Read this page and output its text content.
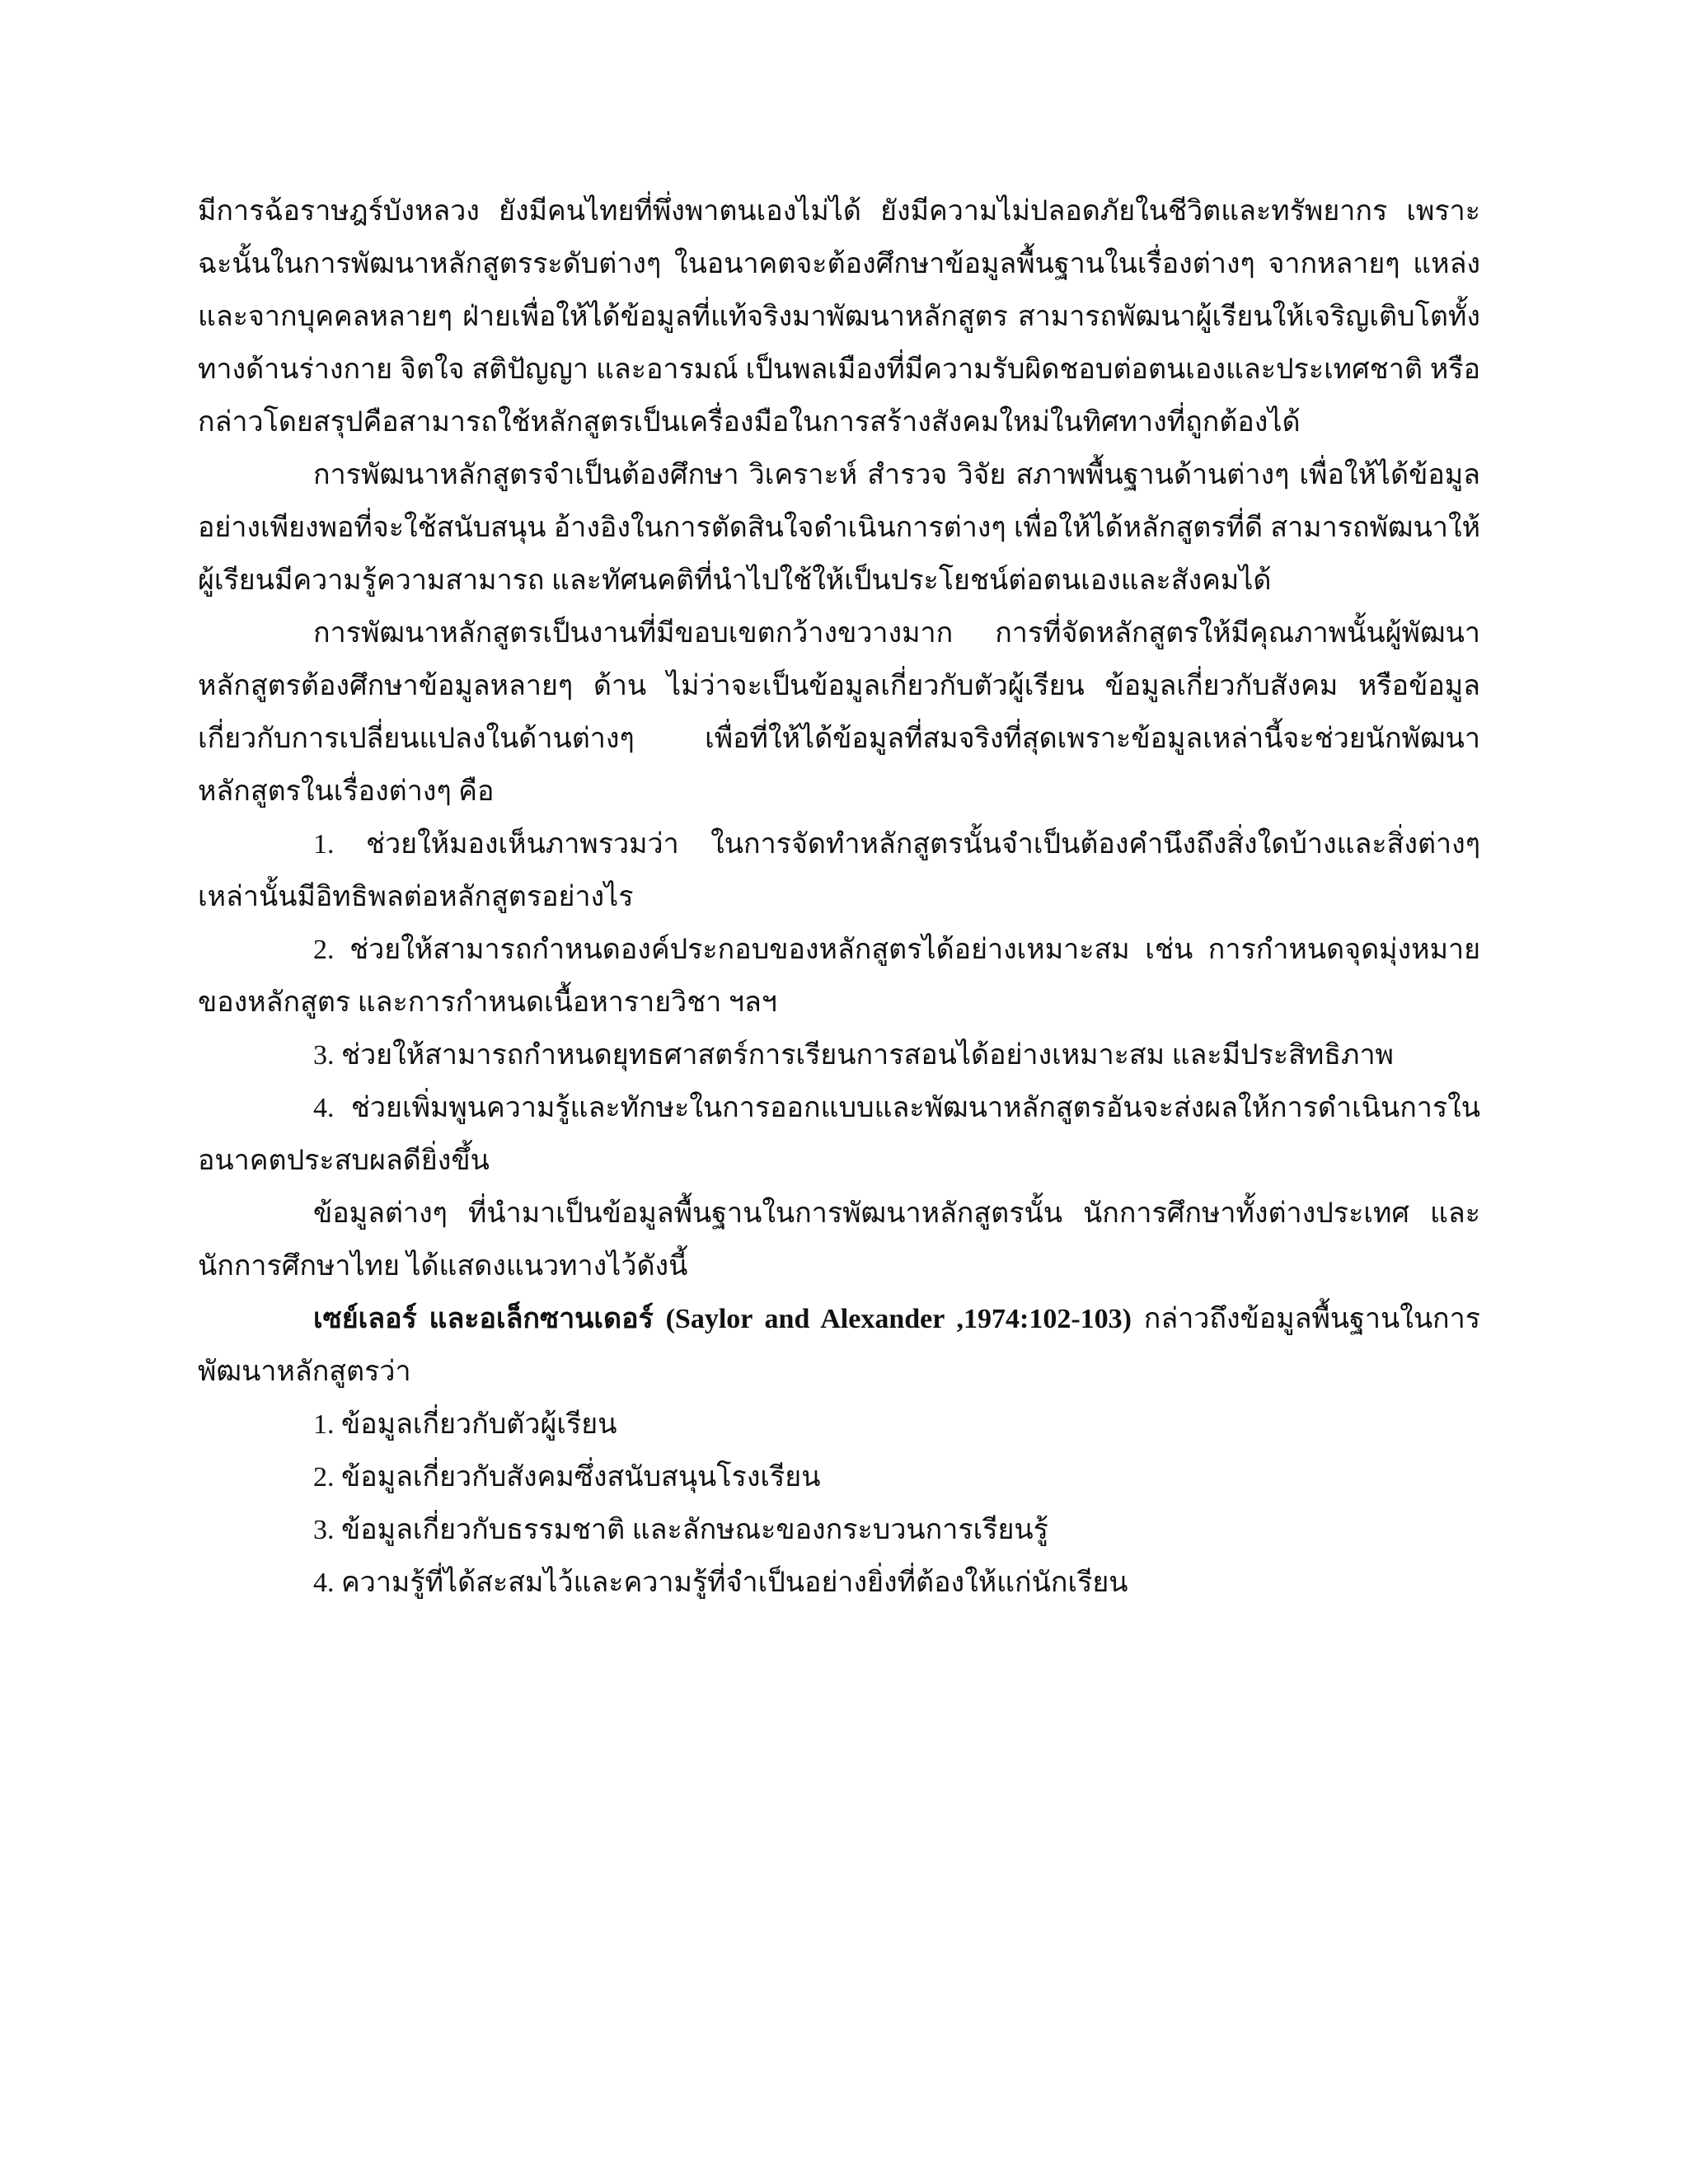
มีการฉ้อราษฎร์บังหลวง ยังมีคนไทยที่พึ่งพาตนเองไม่ได้ ยังมีความไม่ปลอดภัยในชีวิตและทรัพยากร เพราะฉะนั้นในการพัฒนาหลักสูตรระดับต่างๆ ในอนาคตจะต้องศึกษาข้อมูลพื้นฐานในเรื่องต่างๆ จากหลายๆ แหล่งและจากบุคคลหลายๆ ฝ่ายเพื่อให้ได้ข้อมูลที่แท้จริงมาพัฒนาหลักสูตร สามารถพัฒนาผู้เรียนให้เจริญเติบโตทั้งทางด้านร่างกาย จิตใจ สติปัญญา และอารมณ์ เป็นพลเมืองที่มีความรับผิดชอบต่อตนเองและประเทศชาติ หรือกล่าวโดยสรุปคือสามารถใช้หลักสูตรเป็นเครื่องมือในการสร้างสังคมใหม่ในทิศทางที่ถูกต้องได้

การพัฒนาหลักสูตรจำเป็นต้องศึกษา วิเคราะห์ สำรวจ วิจัย สภาพพื้นฐานด้านต่างๆ เพื่อให้ได้ข้อมูลอย่างเพียงพอที่จะใช้สนับสนุน อ้างอิงในการตัดสินใจดำเนินการต่างๆ เพื่อให้ได้หลักสูตรที่ดี สามารถพัฒนาให้ผู้เรียนมีความรู้ความสามารถ และทัศนคติที่นำไปใช้ให้เป็นประโยชน์ต่อตนเองและสังคมได้

การพัฒนาหลักสูตรเป็นงานที่มีขอบเขตกว้างขวางมาก การที่จัดหลักสูตรให้มีคุณภาพนั้นผู้พัฒนาหลักสูตรต้องศึกษาข้อมูลหลายๆ ด้าน ไม่ว่าจะเป็นข้อมูลเกี่ยวกับตัวผู้เรียน ข้อมูลเกี่ยวกับสังคม หรือข้อมูลเกี่ยวกับการเปลี่ยนแปลงในด้านต่างๆ เพื่อที่ให้ได้ข้อมูลที่สมจริงที่สุดเพราะข้อมูลเหล่านี้จะช่วยนักพัฒนาหลักสูตรในเรื่องต่างๆ คือ

1. ช่วยให้มองเห็นภาพรวมว่า ในการจัดทำหลักสูตรนั้นจำเป็นต้องคำนึงถึงสิ่งใดบ้างและสิ่งต่างๆ เหล่านั้นมีอิทธิพลต่อหลักสูตรอย่างไร

2. ช่วยให้สามารถกำหนดองค์ประกอบของหลักสูตรได้อย่างเหมาะสม เช่น การกำหนดจุดมุ่งหมายของหลักสูตร และการกำหนดเนื้อหารายวิชา ฯลฯ

3. ช่วยให้สามารถกำหนดยุทธศาสตร์การเรียนการสอนได้อย่างเหมาะสม และมีประสิทธิภาพ

4. ช่วยเพิ่มพูนความรู้และทักษะในการออกแบบและพัฒนาหลักสูตรอันจะส่งผลให้การดำเนินการในอนาคตประสบผลดียิ่งขึ้น

ข้อมูลต่างๆ ที่นำมาเป็นข้อมูลพื้นฐานในการพัฒนาหลักสูตรนั้น นักการศึกษาทั้งต่างประเทศ และนักการศึกษาไทย ได้แสดงแนวทางไว้ดังนี้

เซย์เลอร์ และอเล็กซานเดอร์ (Saylor and Alexander ,1974:102-103) กล่าวถึงข้อมูลพื้นฐานในการพัฒนาหลักสูตรว่า

1. ข้อมูลเกี่ยวกับตัวผู้เรียน

2. ข้อมูลเกี่ยวกับสังคมซึ่งสนับสนุนโรงเรียน

3. ข้อมูลเกี่ยวกับธรรมชาติ และลักษณะของกระบวนการเรียนรู้

4. ความรู้ที่ได้สะสมไว้และความรู้ที่จำเป็นอย่างยิ่งที่ต้องให้แก่นักเรียน
